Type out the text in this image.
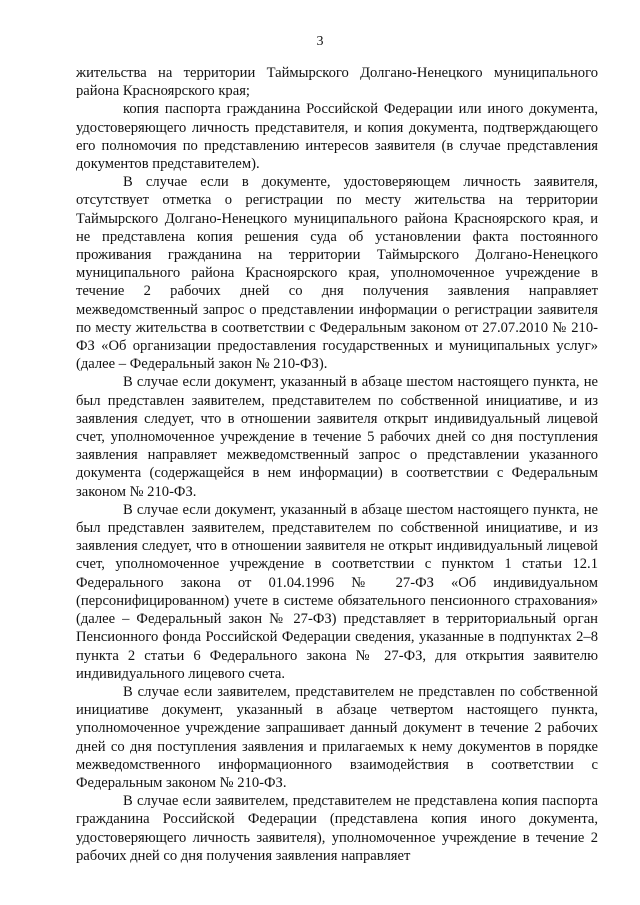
3

жительства на территории Таймырского Долгано-Ненецкого муниципального района Красноярского края;

копия паспорта гражданина Российской Федерации или иного документа, удостоверяющего личность представителя, и копия документа, подтверждающего его полномочия по представлению интересов заявителя (в случае представления документов представителем).

В случае если в документе, удостоверяющем личность заявителя, отсутствует отметка о регистрации по месту жительства на территории Таймырского Долгано-Ненецкого муниципального района Красноярского края, и не представлена копия решения суда об установлении факта постоянного проживания гражданина на территории Таймырского Долгано-Ненецкого муниципального района Красноярского края, уполномоченное учреждение в течение 2 рабочих дней со дня получения заявления направляет межведомственный запрос о представлении информации о регистрации заявителя по месту жительства в соответствии с Федеральным законом от 27.07.2010 № 210-ФЗ «Об организации предоставления государственных и муниципальных услуг» (далее – Федеральный закон № 210-ФЗ).

В случае если документ, указанный в абзаце шестом настоящего пункта, не был представлен заявителем, представителем по собственной инициативе, и из заявления следует, что в отношении заявителя открыт индивидуальный лицевой счет, уполномоченное учреждение в течение 5 рабочих дней со дня поступления заявления направляет межведомственный запрос о представлении указанного документа (содержащейся в нем информации) в соответствии с Федеральным законом № 210-ФЗ.

В случае если документ, указанный в абзаце шестом настоящего пункта, не был представлен заявителем, представителем по собственной инициативе, и из заявления следует, что в отношении заявителя не открыт индивидуальный лицевой счет, уполномоченное учреждение в соответствии с пунктом 1 статьи 12.1 Федерального закона от 01.04.1996 № 27-ФЗ «Об индивидуальном (персонифицированном) учете в системе обязательного пенсионного страхования» (далее – Федеральный закон № 27-ФЗ) представляет в территориальный орган Пенсионного фонда Российской Федерации сведения, указанные в подпунктах 2–8 пункта 2 статьи 6 Федерального закона № 27-ФЗ, для открытия заявителю индивидуального лицевого счета.

В случае если заявителем, представителем не представлен по собственной инициативе документ, указанный в абзаце четвертом настоящего пункта, уполномоченное учреждение запрашивает данный документ в течение 2 рабочих дней со дня поступления заявления и прилагаемых к нему документов в порядке межведомственного информационного взаимодействия в соответствии с Федеральным законом № 210-ФЗ.

В случае если заявителем, представителем не представлена копия паспорта гражданина Российской Федерации (представлена копия иного документа, удостоверяющего личность заявителя), уполномоченное учреждение в течение 2 рабочих дней со дня получения заявления направляет
